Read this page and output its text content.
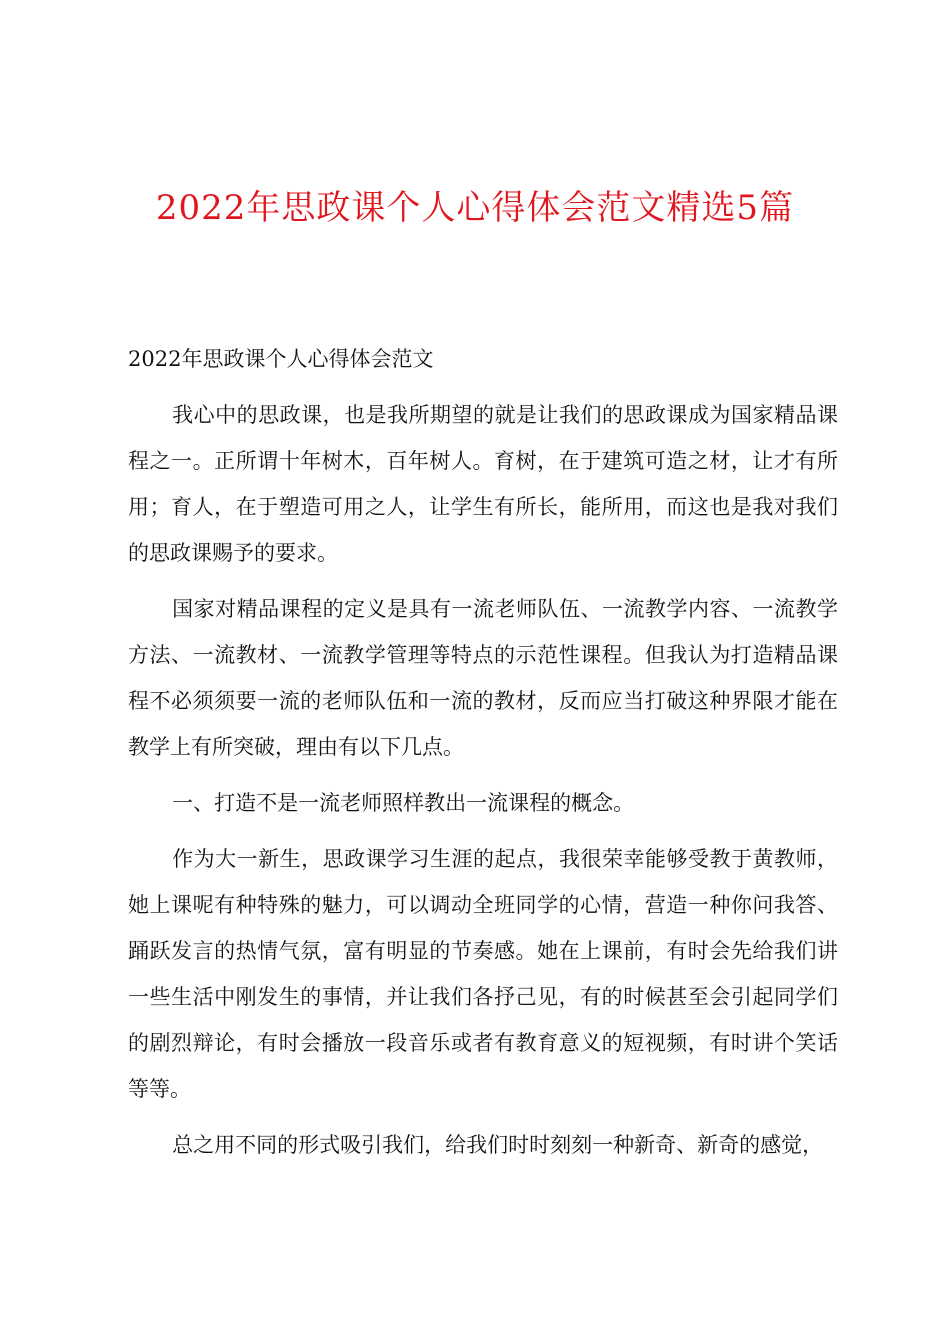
2022年思政课个人心得体会范文精选5篇

2022年思政课个人心得体会范文

我心中的思政课，也是我所期望的就是让我们的思政课成为国家精品课程之一。正所谓十年树木，百年树人。育树，在于建筑可造之材，让才有所用；育人，在于塑造可用之人，让学生有所长，能所用，而这也是我对我们的思政课赐予的要求。

国家对精品课程的定义是具有一流老师队伍、一流教学内容、一流教学方法、一流教材、一流教学管理等特点的示范性课程。但我认为打造精品课程不必须须要一流的老师队伍和一流的教材，反而应当打破这种界限才能在教学上有所突破，理由有以下几点。

一、打造不是一流老师照样教出一流课程的概念。

作为大一新生，思政课学习生涯的起点，我很荣幸能够受教于黄教师，她上课呢有种特殊的魅力，可以调动全班同学的心情，营造一种你问我答、踊跃发言的热情气氛，富有明显的节奏感。她在上课前，有时会先给我们讲一些生活中刚发生的事情，并让我们各抒己见，有的时候甚至会引起同学们的剧烈辩论，有时会播放一段音乐或者有教育意义的短视频，有时讲个笑话等等。

总之用不同的形式吸引我们，给我们时时刻刻一种新奇、新奇的感觉，
